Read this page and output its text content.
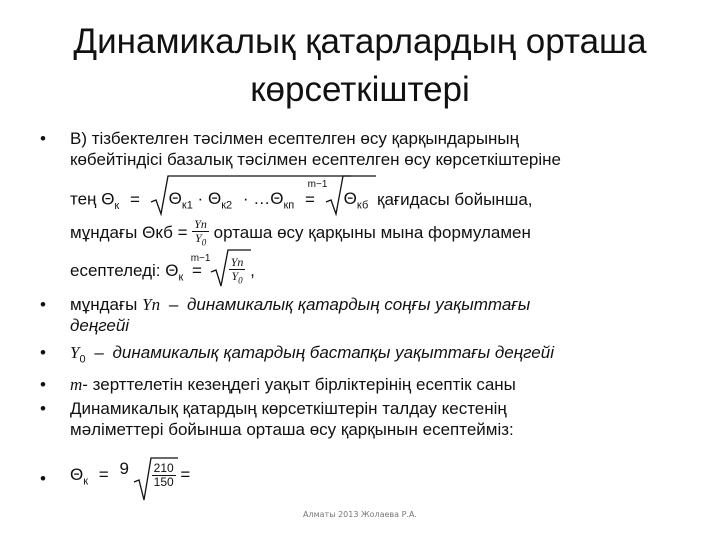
Динамикалық қатарлардың орташа
көрсеткіштері
•	В) тізбектелген тәсілмен есептелген өсу қарқындарының
көбейтіндісі базалық тәсілмен есептелген өсу көрсеткіштеріне
тең $\Theta_к = \Theta_{к1} \cdot \Theta_{к2}$ · $\dots\Theta_{кп}$ =
m−1
$\Theta_{кб}$ қағидасы бойынша,
мұндағы $\Theta кб = \frac{Yn}{Y_0}$ орташа өсу қарқыны мына формуламен
есептеледі: $\Theta_к$ =
$m-1 \frac{Yn}{Y_0}$ ,
•	мұндағы Yn – динамикалық қатардың соңғы уақыттағы
деңгейі
•	$Y_0$ – динамикалық қатардың бастапқы уақыттағы деңгейі
•	m- зерттелетін кезеңдегі уақыт бірліктерінің есептік саны
•	Динамикалық қатардың көрсеткіштерін талдау кестенің
мәліметтері бойынша орташа өсу қарқынын есептейміз:
•	$\Theta_к = 9 \frac{210}{150}$ =
Алматы 2013 Жолаева Р.А.
